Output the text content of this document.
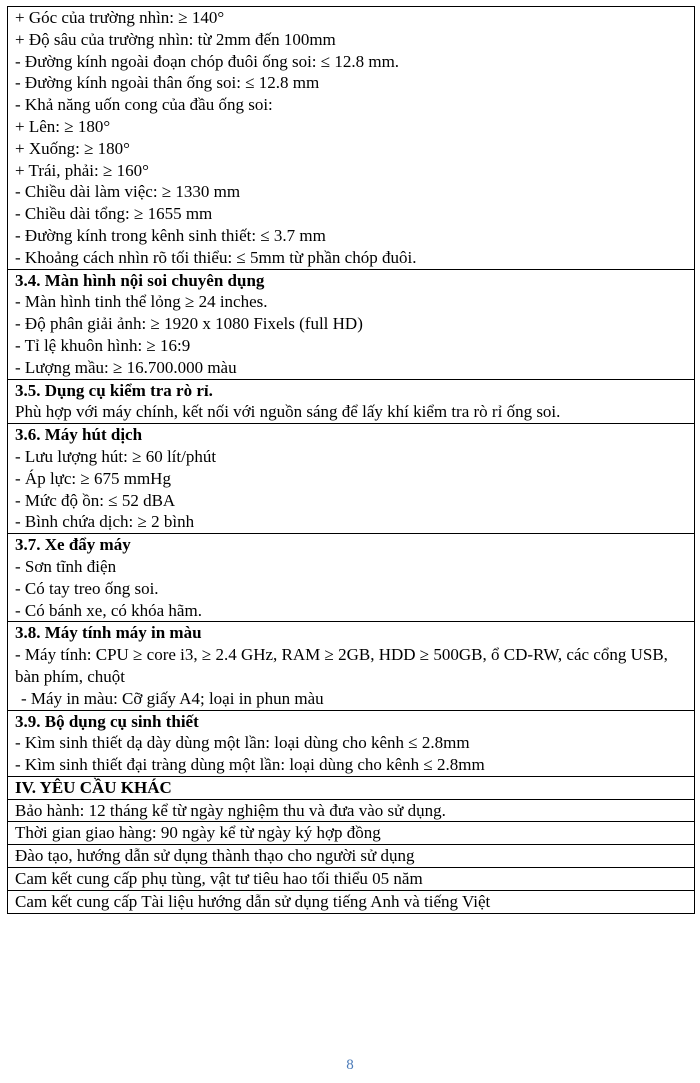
+ Góc của trường nhìn: ≥ 140°
+ Độ sâu của trường nhìn: từ 2mm đến 100mm
- Đường kính ngoài đoạn chóp đuôi ống soi: ≤ 12.8 mm.
- Đường kính ngoài thân ống soi: ≤ 12.8 mm
- Khả năng uốn cong của đầu ống soi:
+ Lên: ≥ 180°
+ Xuống: ≥ 180°
+ Trái, phải: ≥ 160°
- Chiều dài làm việc: ≥ 1330 mm
- Chiều dài tổng: ≥ 1655 mm
- Đường kính trong kênh sinh thiết: ≤ 3.7 mm
- Khoảng cách nhìn rõ tối thiểu: ≤ 5mm từ phần chóp đuôi.

3.4. Màn hình nội soi chuyên dụng
- Màn hình tinh thể lỏng ≥ 24 inches.
- Độ phân giải ảnh: ≥ 1920 x 1080 Fixels (full HD)
- Tỉ lệ khuôn hình: ≥ 16:9
- Lượng mầu: ≥ 16.700.000 màu

3.5. Dụng cụ kiểm tra rò rỉ.
Phù hợp với máy chính, kết nối với nguồn sáng để lấy khí kiểm tra rò rỉ ống soi.

3.6. Máy hút dịch
- Lưu lượng hút: ≥ 60 lít/phút
- Áp lực: ≥ 675 mmHg
- Mức độ ồn: ≤ 52 dBA
- Bình chứa dịch: ≥ 2 bình

3.7. Xe đẩy máy
- Sơn tĩnh điện
- Có tay treo ống soi.
- Có bánh xe, có khóa hãm.

3.8. Máy tính máy in màu
- Máy tính: CPU ≥ core i3, ≥ 2.4 GHz, RAM ≥ 2GB, HDD ≥ 500GB, ổ CD-RW, các cổng USB, bàn phím, chuột
- Máy in màu: Cỡ giấy A4; loại in phun màu

3.9. Bộ dụng cụ sinh thiết
- Kìm sinh thiết dạ dày dùng một lần: loại dùng cho kênh ≤ 2.8mm
- Kìm sinh thiết đại tràng dùng một lần: loại dùng cho kênh ≤ 2.8mm

IV. YÊU CẦU KHÁC

Bảo hành: 12 tháng kể từ ngày nghiệm thu và đưa vào sử dụng.

Thời gian giao hàng: 90 ngày kể từ ngày ký hợp đồng

Đào tạo, hướng dẫn sử dụng thành thạo cho người sử dụng

Cam kết cung cấp phụ tùng, vật tư tiêu hao tối thiểu 05 năm

Cam kết cung cấp Tài liệu hướng dẫn sử dụng tiếng Anh và tiếng Việt
8
